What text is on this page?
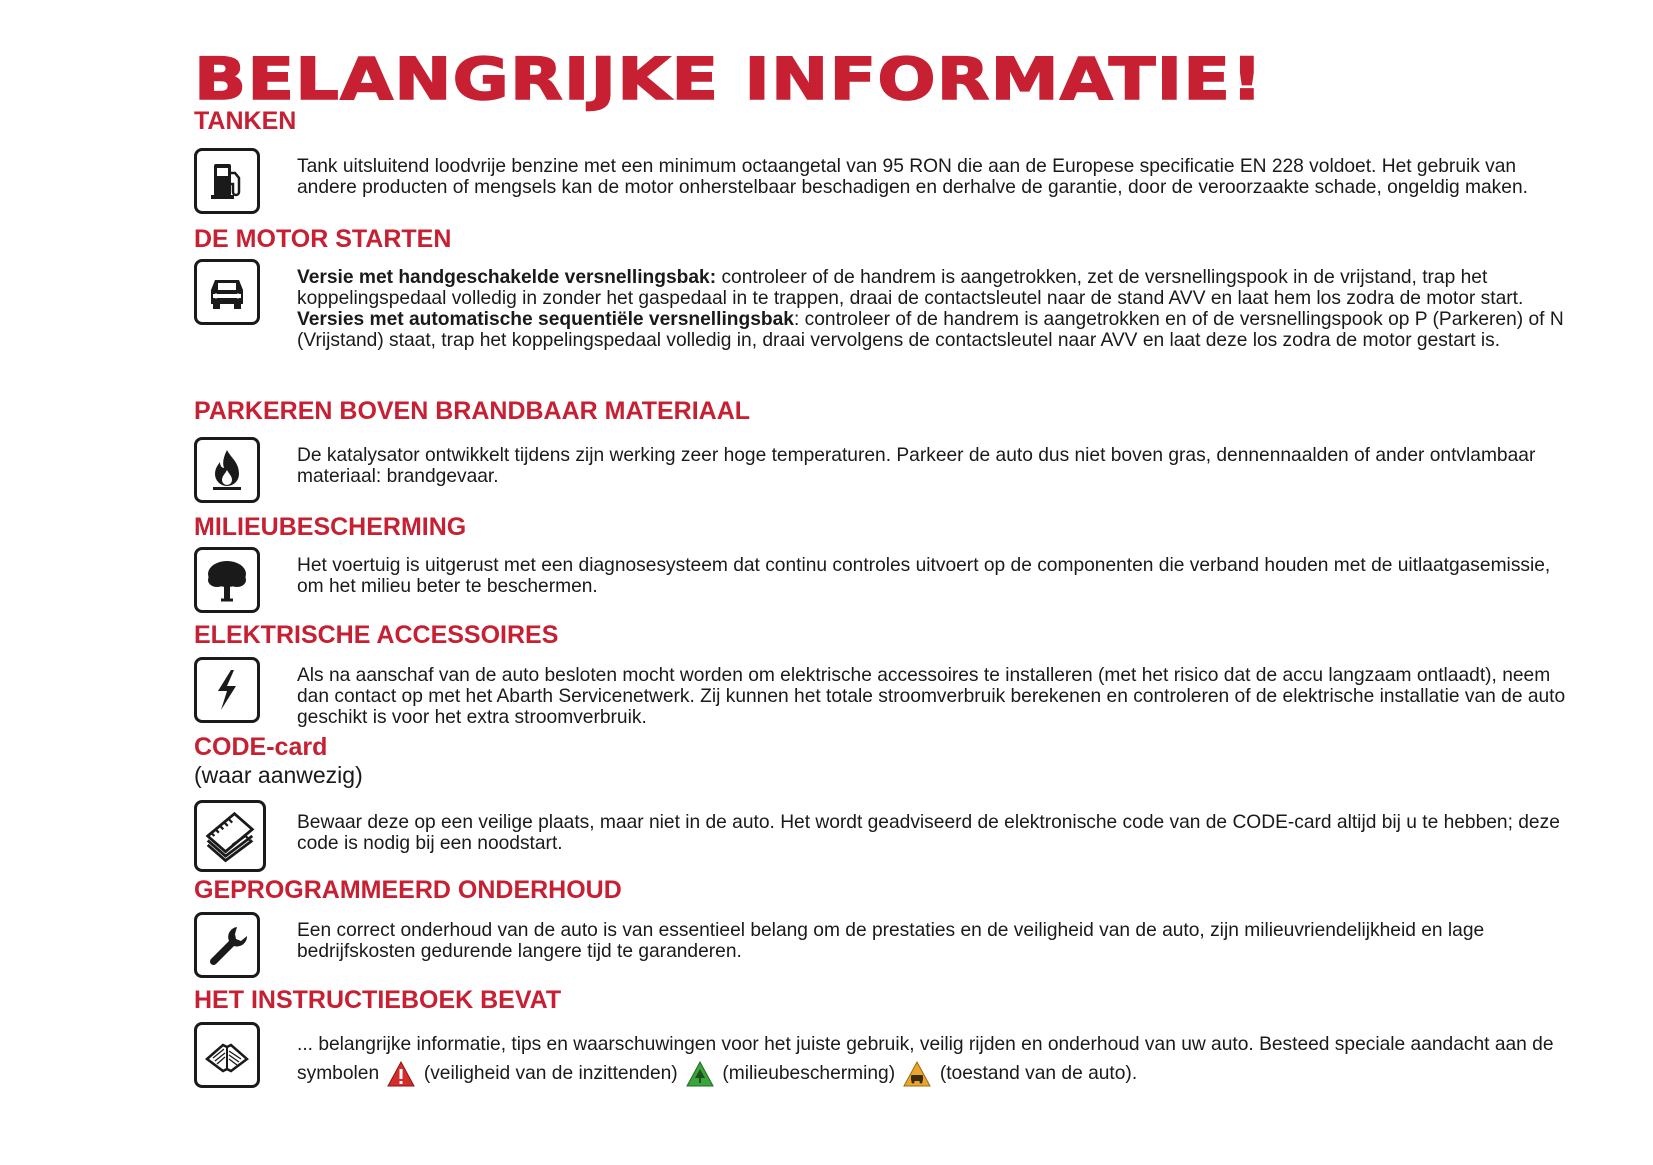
BELANGRIJKE INFORMATIE!
TANKEN
Tank uitsluitend loodvrije benzine met een minimum octaangetal van 95 RON die aan de Europese specificatie EN 228 voldoet. Het gebruik van andere producten of mengsels kan de motor onherstelbaar beschadigen en derhalve de garantie, door de veroorzaakte schade, ongeldig maken.
DE MOTOR STARTEN
Versie met handgeschakelde versnellingsbak: controleer of de handrem is aangetrokken, zet de versnellingspook in de vrijstand, trap het koppelingspedaal volledig in zonder het gaspedaal in te trappen, draai de contactsleutel naar de stand AVV en laat hem los zodra de motor start.
Versies met automatische sequentiële versnellingsbak: controleer of de handrem is aangetrokken en of de versnellingspook op P (Parkeren) of N (Vrijstand) staat, trap het koppelingspedaal volledig in, draai vervolgens de contactsleutel naar AVV en laat deze los zodra de motor gestart is.
PARKEREN BOVEN BRANDBAAR MATERIAAL
De katalysator ontwikkelt tijdens zijn werking zeer hoge temperaturen. Parkeer de auto dus niet boven gras, dennennaalden of ander ontvlambaar materiaal: brandgevaar.
MILIEUBESCHERMING
Het voertuig is uitgerust met een diagnosesysteem dat continu controles uitvoert op de componenten die verband houden met de uitlaatgasemissie, om het milieu beter te beschermen.
ELEKTRISCHE ACCESSOIRES
Als na aanschaf van de auto besloten mocht worden om elektrische accessoires te installeren (met het risico dat de accu langzaam ontlaadt), neem dan contact op met het Abarth Servicenetwerk. Zij kunnen het totale stroomverbruik berekenen en controleren of de elektrische installatie van de auto geschikt is voor het extra stroomverbruik.
CODE-card
(waar aanwezig)
Bewaar deze op een veilige plaats, maar niet in de auto. Het wordt geadviseerd de elektronische code van de CODE-card altijd bij u te hebben; deze code is nodig bij een noodstart.
GEPROGRAMMEERD ONDERHOUD
Een correct onderhoud van de auto is van essentieel belang om de prestaties en de veiligheid van de auto, zijn milieuvriendelijkheid en lage bedrijfskosten gedurende langere tijd te garanderen.
HET INSTRUCTIEBOEK BEVAT
... belangrijke informatie, tips en waarschuwingen voor het juiste gebruik, veilig rijden en onderhoud van uw auto. Besteed speciale aandacht aan de symbolen (veiligheid van de inzittenden) (milieubescherming) (toestand van de auto).
